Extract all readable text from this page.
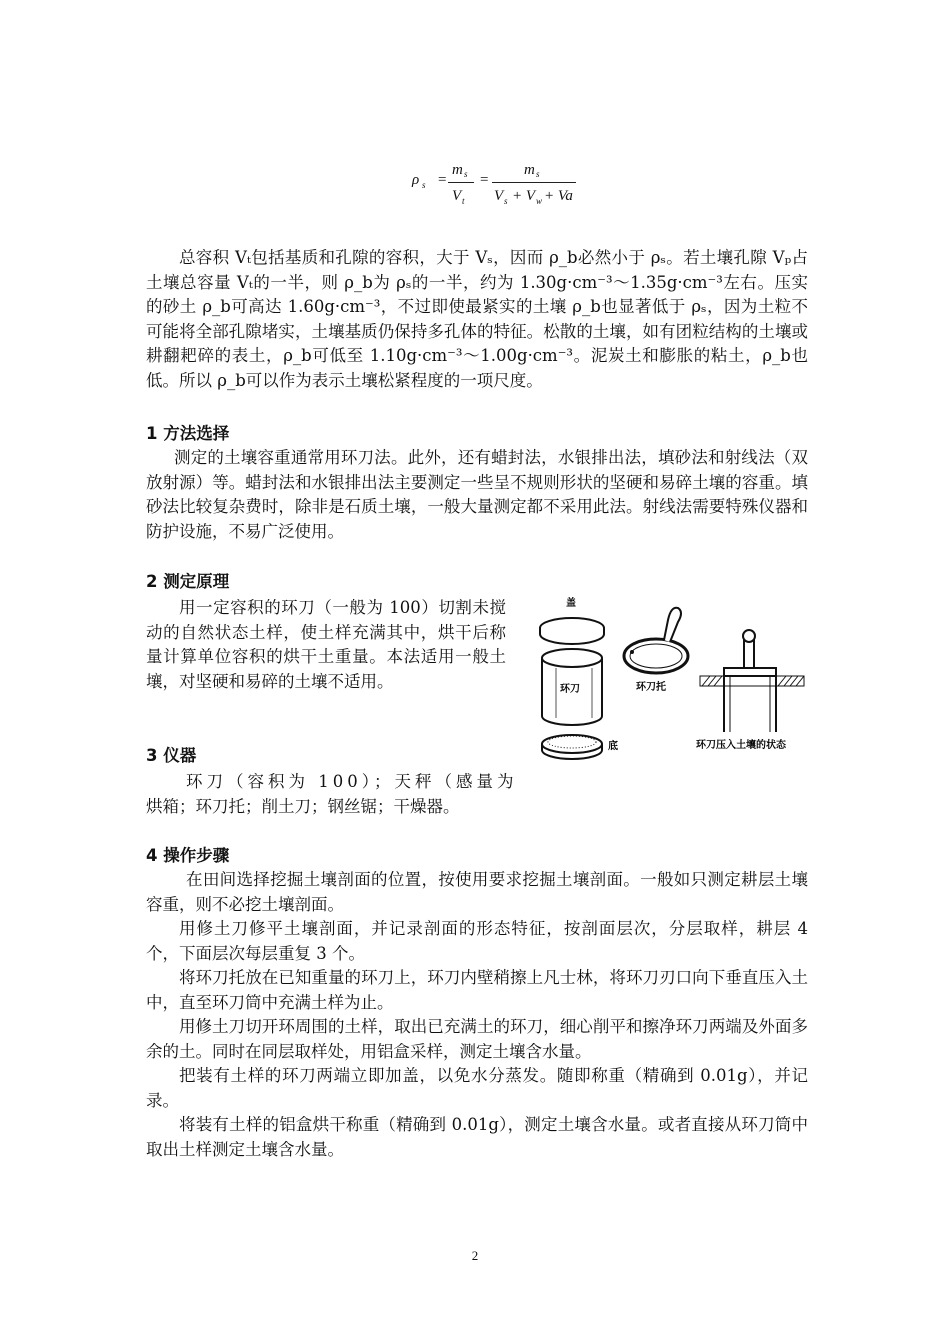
ρ s =
m s
V t
=
m s
V s + V w + Va

总容积 Vₜ包括基质和孔隙的容积，大于 Vₛ，因而 ρ_b必然小于 ρₛ。若土壤孔隙 Vₚ占土壤总容量 Vₜ的一半，则 ρ_b为 ρₛ的一半，约为 1.30g·cm⁻³～1.35g·cm⁻³左右。压实的砂土 ρ_b可高达 1.60g·cm⁻³，不过即使最紧实的土壤 ρ_b也显著低于 ρₛ，因为土粒不可能将全部孔隙堵实，土壤基质仍保持多孔体的特征。松散的土壤，如有团粒结构的土壤或耕翻耙碎的表土，ρ_b可低至 1.10g·cm⁻³～1.00g·cm⁻³。泥炭土和膨胀的粘土，ρ_b也低。所以 ρ_b可以作为表示土壤松紧程度的一项尺度。

1 方法选择

测定的土壤容重通常用环刀法。此外，还有蜡封法，水银排出法，填砂法和射线法（双放射源）等。蜡封法和水银排出法主要测定一些呈不规则形状的坚硬和易碎土壤的容重。填砂法比较复杂费时，除非是石质土壤，一般大量测定都不采用此法。射线法需要特殊仪器和防护设施，不易广泛使用。

2 测定原理

用一定容积的环刀（一般为 100）切割未搅动的自然状态土样，使土样充满其中，烘干后称量计算单位容积的烘干土重量。本法适用一般土壤，对坚硬和易碎的土壤不适用。

3 仪器

环刀（容积为 100）；天秤（感量为

烘箱；环刀托；削土刀；钢丝锯；干燥器。

盖
环刀
底
环刀托
环刀压入土壤的状态
4 操作步骤

在田间选择挖掘土壤剖面的位置，按使用要求挖掘土壤剖面。一般如只测定耕层土壤容重，则不必挖土壤剖面。

用修土刀修平土壤剖面，并记录剖面的形态特征，按剖面层次，分层取样，耕层 4 个，下面层次每层重复 3 个。

将环刀托放在已知重量的环刀上，环刀内壁稍擦上凡士林，将环刀刃口向下垂直压入土中，直至环刀筒中充满土样为止。

用修土刀切开环周围的土样，取出已充满土的环刀，细心削平和擦净环刀两端及外面多余的土。同时在同层取样处，用铝盒采样，测定土壤含水量。

把装有土样的环刀两端立即加盖，以免水分蒸发。随即称重（精确到 0.01g），并记录。

将装有土样的铝盒烘干称重（精确到 0.01g），测定土壤含水量。或者直接从环刀筒中取出土样测定土壤含水量。

2
